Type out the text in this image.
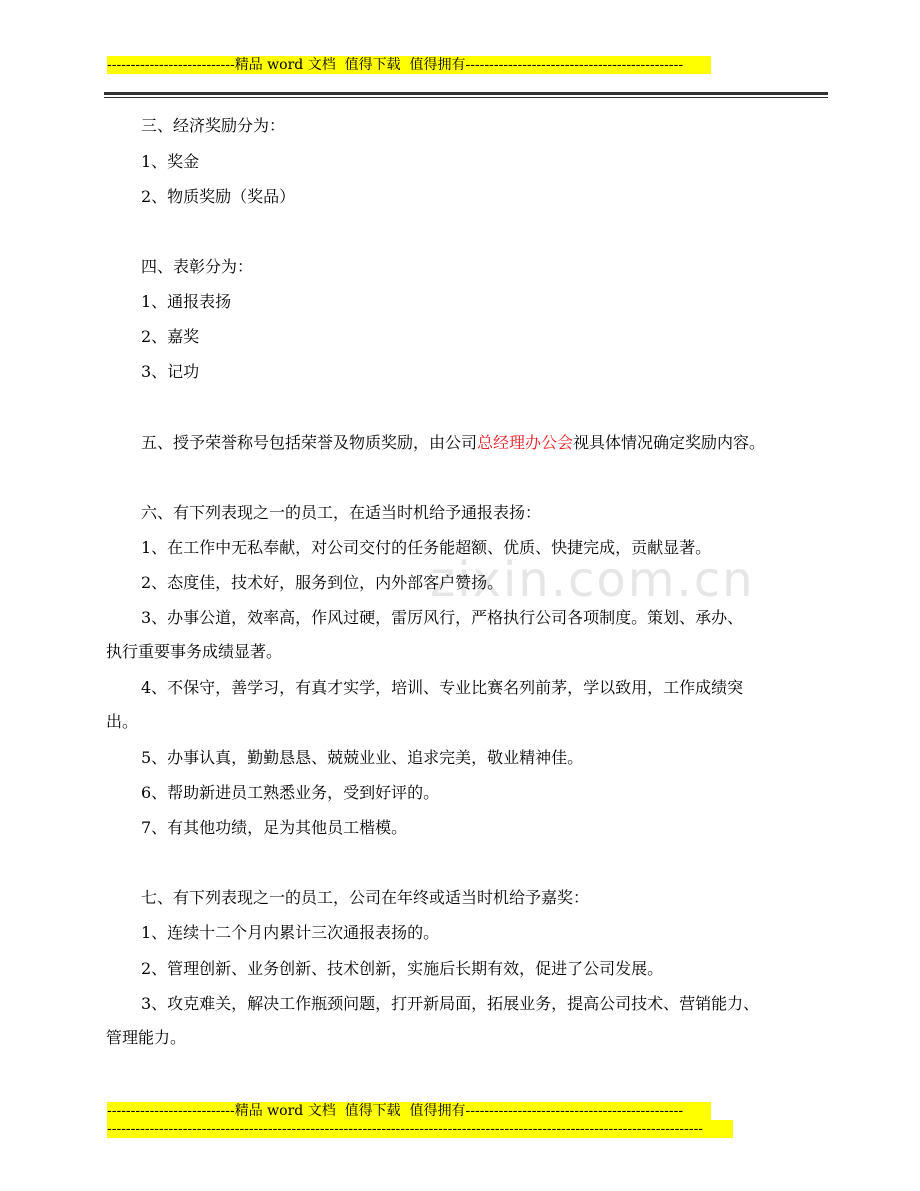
---------------------------精品 word 文档  值得下载  值得拥有----------------------------------------------
zixin.com.cn
三、经济奖励分为：
1、奖金
2、物质奖励（奖品）
四、表彰分为：
1、通报表扬
2、嘉奖
3、记功
五、授予荣誉称号包括荣誉及物质奖励，由公司总经理办公会视具体情况确定奖励内容。
六、有下列表现之一的员工，在适当时机给予通报表扬：
1、在工作中无私奉献，对公司交付的任务能超额、优质、快捷完成，贡献显著。
2、态度佳，技术好，服务到位，内外部客户赞扬。
3、办事公道，效率高，作风过硬，雷厉风行，严格执行公司各项制度。策划、承办、
执行重要事务成绩显著。
4、不保守，善学习，有真才实学，培训、专业比赛名列前茅，学以致用，工作成绩突
出。
5、办事认真，勤勤恳恳、兢兢业业、追求完美，敬业精神佳。
6、帮助新进员工熟悉业务，受到好评的。
7、有其他功绩，足为其他员工楷模。
七、有下列表现之一的员工，公司在年终或适当时机给予嘉奖：
1、连续十二个月内累计三次通报表扬的。
2、管理创新、业务创新、技术创新，实施后长期有效，促进了公司发展。
3、攻克难关，解决工作瓶颈问题，打开新局面，拓展业务，提高公司技术、营销能力、
管理能力。
---------------------------精品 word 文档  值得下载  值得拥有----------------------------------------------
------------------------------------------------------------------------------------------------------------------------------
